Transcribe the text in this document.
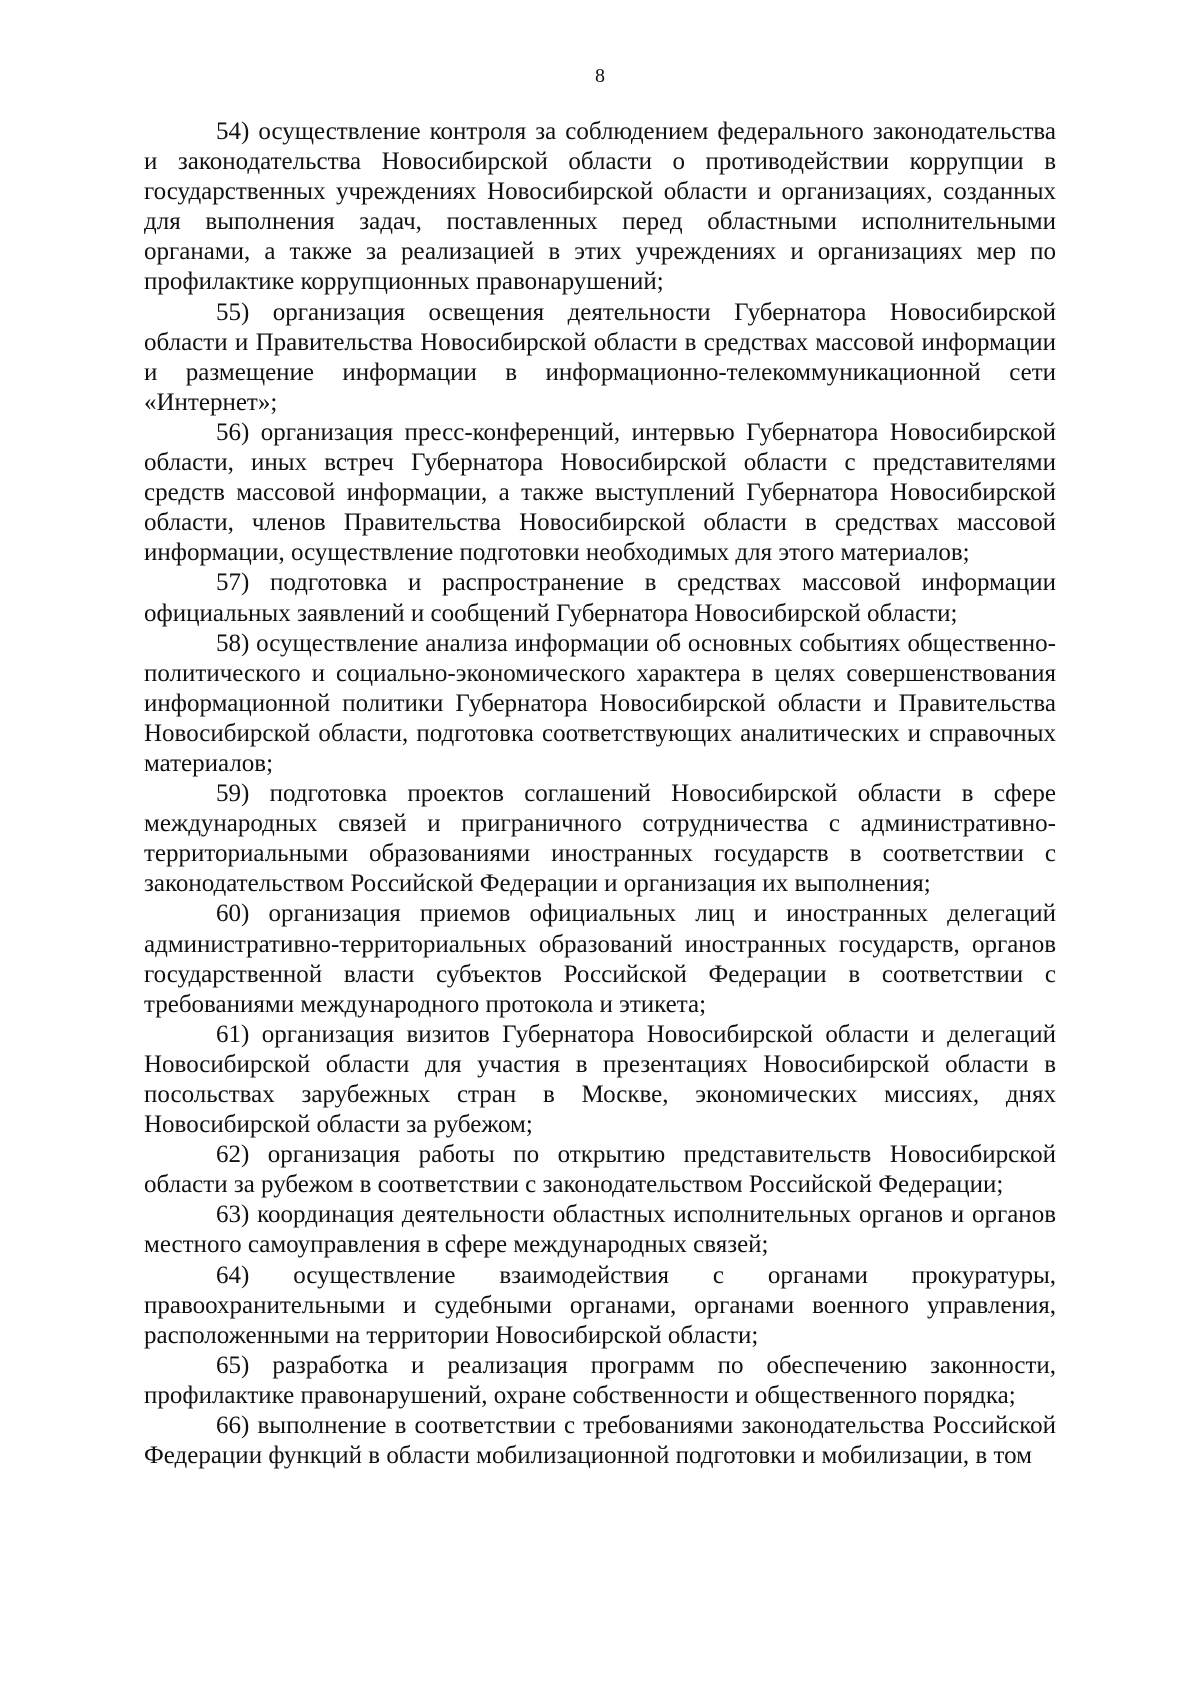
8

54) осуществление контроля за соблюдением федерального законодательства и законодательства Новосибирской области о противодействии коррупции в государственных учреждениях Новосибирской области и организациях, созданных для выполнения задач, поставленных перед областными исполнительными органами, а также за реализацией в этих учреждениях и организациях мер по профилактике коррупционных правонарушений;

55) организация освещения деятельности Губернатора Новосибирской области и Правительства Новосибирской области в средствах массовой информации и размещение информации в информационно-телекоммуникационной сети «Интернет»;

56) организация пресс-конференций, интервью Губернатора Новосибирской области, иных встреч Губернатора Новосибирской области с представителями средств массовой информации, а также выступлений Губернатора Новосибирской области, членов Правительства Новосибирской области в средствах массовой информации, осуществление подготовки необходимых для этого материалов;

57) подготовка и распространение в средствах массовой информации официальных заявлений и сообщений Губернатора Новосибирской области;

58) осуществление анализа информации об основных событиях общественно-политического и социально-экономического характера в целях совершенствования информационной политики Губернатора Новосибирской области и Правительства Новосибирской области, подготовка соответствующих аналитических и справочных материалов;

59) подготовка проектов соглашений Новосибирской области в сфере международных связей и приграничного сотрудничества с административно-территориальными образованиями иностранных государств в соответствии с законодательством Российской Федерации и организация их выполнения;

60) организация приемов официальных лиц и иностранных делегаций административно-территориальных образований иностранных государств, органов государственной власти субъектов Российской Федерации в соответствии с требованиями международного протокола и этикета;

61) организация визитов Губернатора Новосибирской области и делегаций Новосибирской области для участия в презентациях Новосибирской области в посольствах зарубежных стран в Москве, экономических миссиях, днях Новосибирской области за рубежом;

62) организация работы по открытию представительств Новосибирской области за рубежом в соответствии с законодательством Российской Федерации;

63) координация деятельности областных исполнительных органов и органов местного самоуправления в сфере международных связей;

64) осуществление взаимодействия с органами прокуратуры, правоохранительными и судебными органами, органами военного управления, расположенными на территории Новосибирской области;

65) разработка и реализация программ по обеспечению законности, профилактике правонарушений, охране собственности и общественного порядка;

66) выполнение в соответствии с требованиями законодательства Российской Федерации функций в области мобилизационной подготовки и мобилизации, в том
